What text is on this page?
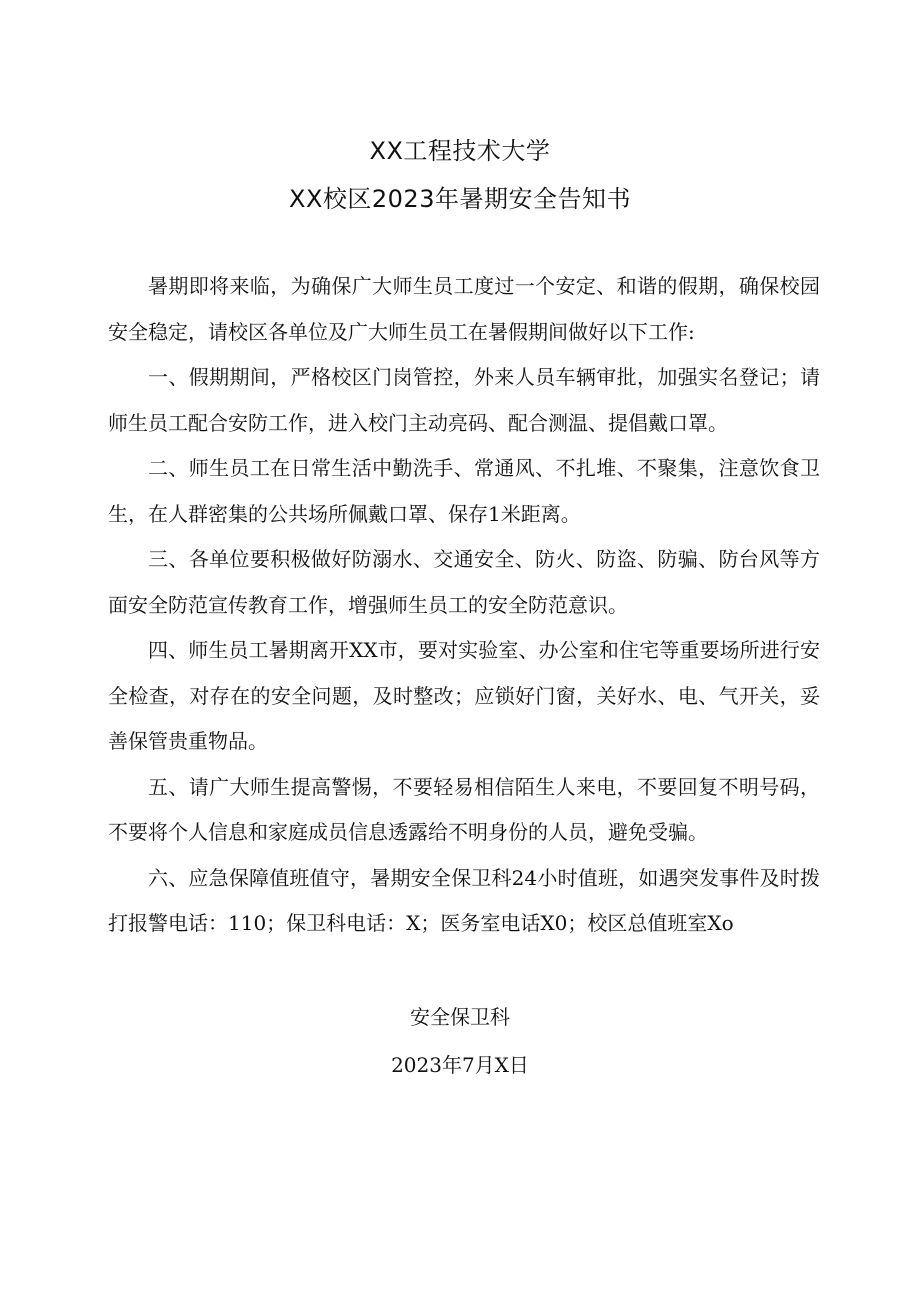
XX工程技术大学
XX校区2023年暑期安全告知书

暑期即将来临，为确保广大师生员工度过一个安定、和谐的假期，确保校园安全稳定，请校区各单位及广大师生员工在暑假期间做好以下工作:

一、假期期间，严格校区门岗管控，外来人员车辆审批，加强实名登记；请师生员工配合安防工作，进入校门主动亮码、配合测温、提倡戴口罩。

二、师生员工在日常生活中勤洗手、常通风、不扎堆、不聚集，注意饮食卫生，在人群密集的公共场所佩戴口罩、保存1米距离。

三、各单位要积极做好防溺水、交通安全、防火、防盗、防骗、防台风等方面安全防范宣传教育工作，增强师生员工的安全防范意识。

四、师生员工暑期离开XX市，要对实验室、办公室和住宅等重要场所进行安全检查，对存在的安全问题，及时整改；应锁好门窗，关好水、电、气开关，妥善保管贵重物品。

五、请广大师生提高警惕，不要轻易相信陌生人来电，不要回复不明号码，不要将个人信息和家庭成员信息透露给不明身份的人员，避免受骗。

六、应急保障值班值守，暑期安全保卫科24小时值班，如遇突发事件及时拨打报警电话：110；保卫科电话：X；医务室电话X0；校区总值班室Xo

安全保卫科
2023年7月X日
